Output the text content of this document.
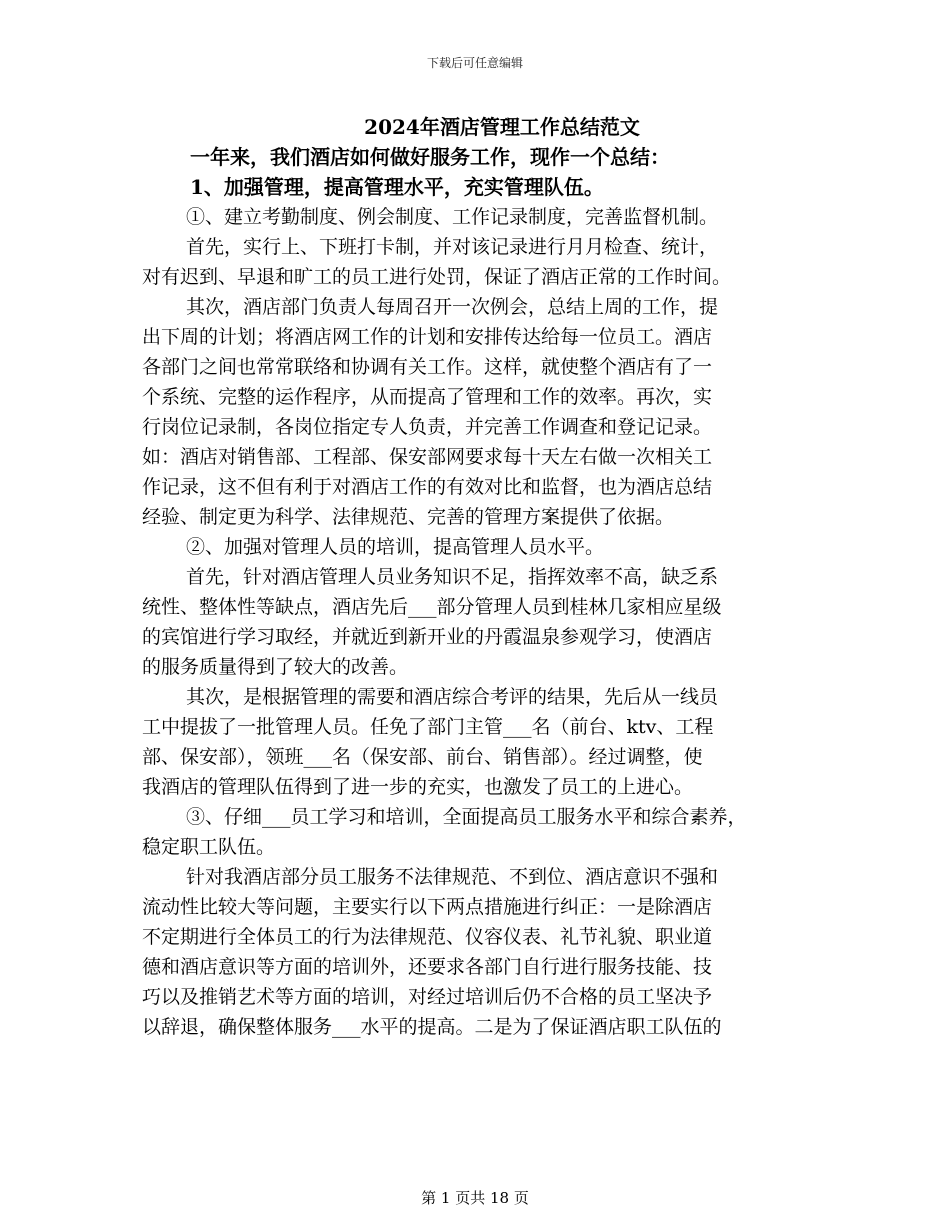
下载后可任意编辑
2024年酒店管理工作总结范文
一年来，我们酒店如何做好服务工作，现作一个总结：
1、加强管理，提高管理水平，充实管理队伍。
①、建立考勤制度、例会制度、工作记录制度，完善监督机制。
首先，实行上、下班打卡制，并对该记录进行月月检查、统计，
对有迟到、早退和旷工的员工进行处罚，保证了酒店正常的工作时间。
其次，酒店部门负责人每周召开一次例会，总结上周的工作，提
出下周的计划；将酒店网工作的计划和安排传达给每一位员工。酒店
各部门之间也常常联络和协调有关工作。这样，就使整个酒店有了一
个系统、完整的运作程序，从而提高了管理和工作的效率。再次，实
行岗位记录制，各岗位指定专人负责，并完善工作调查和登记记录。
如：酒店对销售部、工程部、保安部网要求每十天左右做一次相关工
作记录，这不但有利于对酒店工作的有效对比和监督，也为酒店总结
经验、制定更为科学、法律规范、完善的管理方案提供了依据。
②、加强对管理人员的培训，提高管理人员水平。
首先，针对酒店管理人员业务知识不足，指挥效率不高，缺乏系
统性、整体性等缺点，酒店先后___部分管理人员到桂林几家相应星级
的宾馆进行学习取经，并就近到新开业的丹霞温泉参观学习，使酒店
的服务质量得到了较大的改善。
其次，是根据管理的需要和酒店综合考评的结果，先后从一线员
工中提拔了一批管理人员。任免了部门主管___名（前台、ktv、工程
部、保安部），领班___名（保安部、前台、销售部）。经过调整，使
我酒店的管理队伍得到了进一步的充实，也激发了员工的上进心。
③、仔细___员工学习和培训，全面提高员工服务水平和综合素养，
稳定职工队伍。
针对我酒店部分员工服务不法律规范、不到位、酒店意识不强和
流动性比较大等问题，主要实行以下两点措施进行纠正：一是除酒店
不定期进行全体员工的行为法律规范、仪容仪表、礼节礼貌、职业道
德和酒店意识等方面的培训外，还要求各部门自行进行服务技能、技
巧以及推销艺术等方面的培训，对经过培训后仍不合格的员工坚决予
以辞退，确保整体服务___水平的提高。二是为了保证酒店职工队伍的
第 1 页共 18 页
